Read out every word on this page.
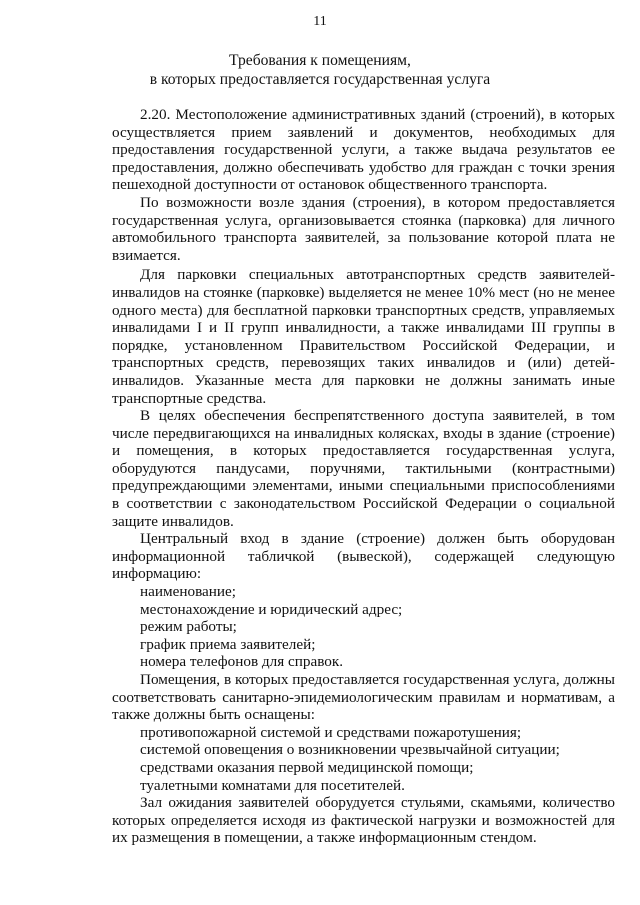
11
Требования к помещениям,
в которых предоставляется государственная услуга

2.20. Местоположение административных зданий (строений), в которых осуществляется прием заявлений и документов, необходимых для предоставления государственной услуги, а также выдача результатов ее предоставления, должно обеспечивать удобство для граждан с точки зрения пешеходной доступности от остановок общественного транспорта.

По возможности возле здания (строения), в котором предоставляется государственная услуга, организовывается стоянка (парковка) для личного автомобильного транспорта заявителей, за пользование которой плата не взимается.

Для парковки специальных автотранспортных средств заявителей-инвалидов на стоянке (парковке) выделяется не менее 10% мест (но не менее одного места) для бесплатной парковки транспортных средств, управляемых инвалидами I и II групп инвалидности, а также инвалидами III группы в порядке, установленном Правительством Российской Федерации, и транспортных средств, перевозящих таких инвалидов и (или) детей-инвалидов. Указанные места для парковки не должны занимать иные транспортные средства.

В целях обеспечения беспрепятственного доступа заявителей, в том числе передвигающихся на инвалидных колясках, входы в здание (строение) и помещения, в которых предоставляется государственная услуга, оборудуются пандусами, поручнями, тактильными (контрастными) предупреждающими элементами, иными специальными приспособлениями в соответствии с законодательством Российской Федерации о социальной защите инвалидов.

Центральный вход в здание (строение) должен быть оборудован информационной табличкой (вывеской), содержащей следующую информацию:

наименование;

местонахождение и юридический адрес;

режим работы;

график приема заявителей;

номера телефонов для справок.

Помещения, в которых предоставляется государственная услуга, должны соответствовать санитарно-эпидемиологическим правилам и нормативам, а также должны быть оснащены:

противопожарной системой и средствами пожаротушения;

системой оповещения о возникновении чрезвычайной ситуации;

средствами оказания первой медицинской помощи;

туалетными комнатами для посетителей.

Зал ожидания заявителей оборудуется стульями, скамьями, количество которых определяется исходя из фактической нагрузки и возможностей для их размещения в помещении, а также информационным стендом.
